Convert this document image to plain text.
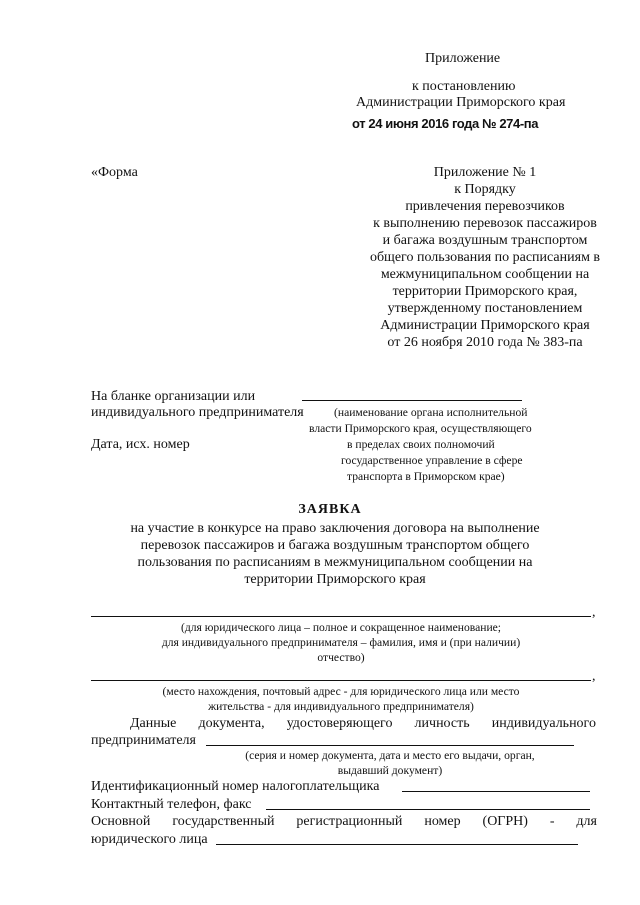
Приложение
к постановлению
Администрации Приморского края
от 24 июня 2016 года № 274-па
«Форма	Приложение № 1
к Порядку
привлечения перевозчиков
к выполнению перевозок пассажиров
и багажа воздушным транспортом
общего пользования по расписаниям в
межмуниципальном сообщении на
территории Приморского края,
утвержденному постановлением
Администрации Приморского края
от 26 ноября 2010 года № 383-па
На бланке организации или
индивидуального предпринимателя	(наименование органа исполнительной
власти Приморского края, осуществляющего
Дата, исх. номер	в пределах своих полномочий
государственное управление в сфере
транспорта в Приморском крае)
ЗАЯВКА
на участие в конкурсе на право заключения договора на выполнение
перевозок пассажиров и багажа воздушным транспортом общего
пользования по расписаниям в межмуниципальном сообщении на
территории Приморского края
,
(для юридического лица – полное и сокращенное наименование;
для индивидуального предпринимателя – фамилия, имя и (при наличии)
отчество)
,
(место нахождения, почтовый адрес - для юридического лица или место
жительства - для индивидуального предпринимателя)
Данные документа, удостоверяющего личность индивидуального
предпринимателя
(серия и номер документа, дата и место его выдачи, орган,
выдавший документ)
Идентификационный номер налогоплательщика
Контактный телефон, факс
Основной государственный регистрационный номер (ОГРН) - для
юридического лица
